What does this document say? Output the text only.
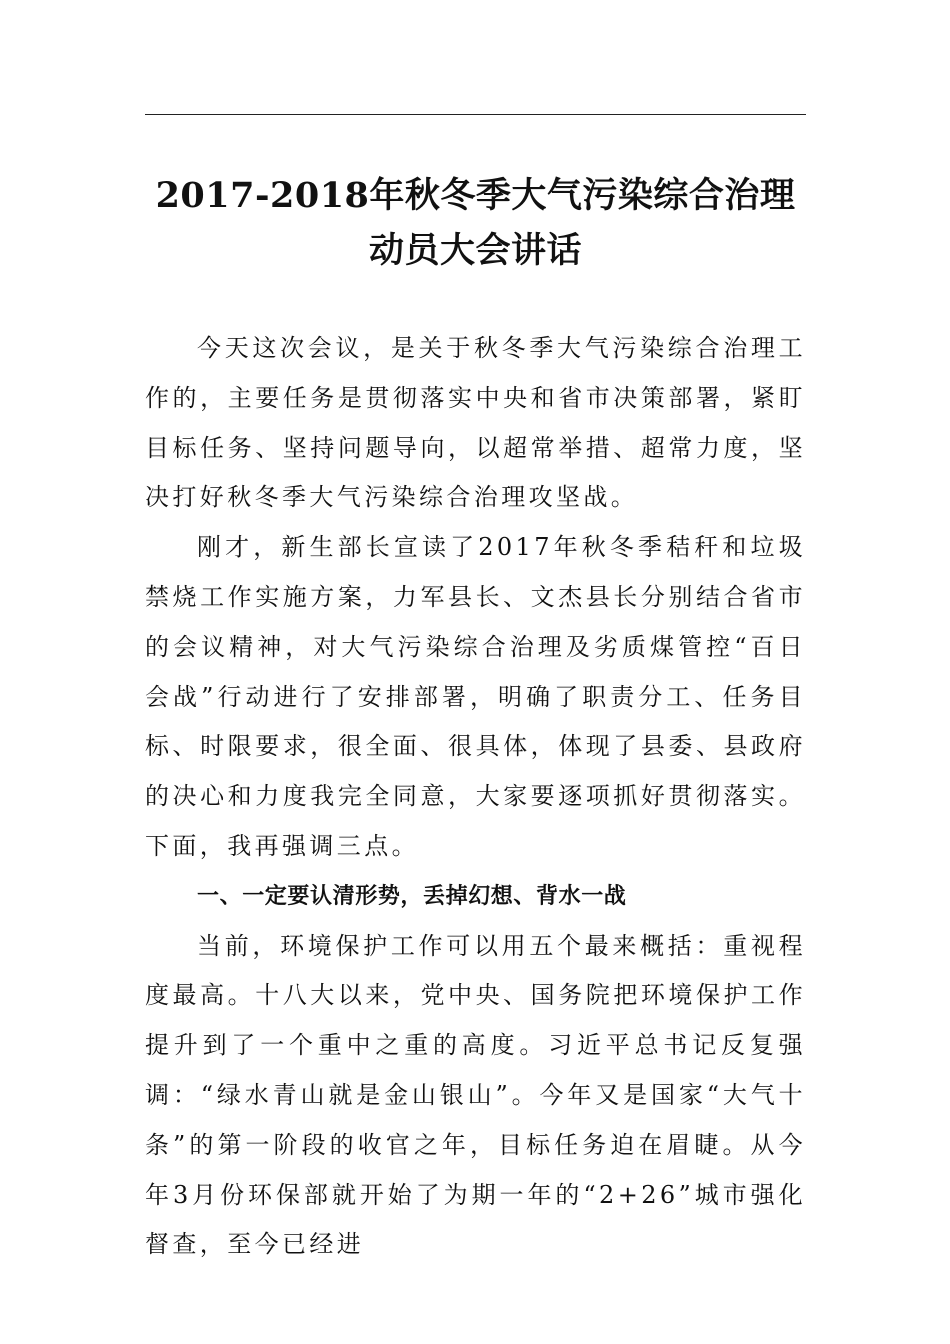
2017-2018年秋冬季大气污染综合治理动员大会讲话

今天这次会议，是关于秋冬季大气污染综合治理工作的，主要任务是贯彻落实中央和省市决策部署，紧盯目标任务、坚持问题导向，以超常举措、超常力度，坚决打好秋冬季大气污染综合治理攻坚战。

刚才，新生部长宣读了2017年秋冬季秸秆和垃圾禁烧工作实施方案，力军县长、文杰县长分别结合省市的会议精神，对大气污染综合治理及劣质煤管控“百日会战”行动进行了安排部署，明确了职责分工、任务目标、时限要求，很全面、很具体，体现了县委、县政府的决心和力度我完全同意，大家要逐项抓好贯彻落实。下面，我再强调三点。

一、一定要认清形势，丢掉幻想、背水一战

当前，环境保护工作可以用五个最来概括：重视程度最高。十八大以来，党中央、国务院把环境保护工作提升到了一个重中之重的高度。习近平总书记反复强调：“绿水青山就是金山银山”。今年又是国家“大气十条”的第一阶段的收官之年，目标任务迫在眉睫。从今年3月份环保部就开始了为期一年的“2+26”城市强化督查，至今已经进
